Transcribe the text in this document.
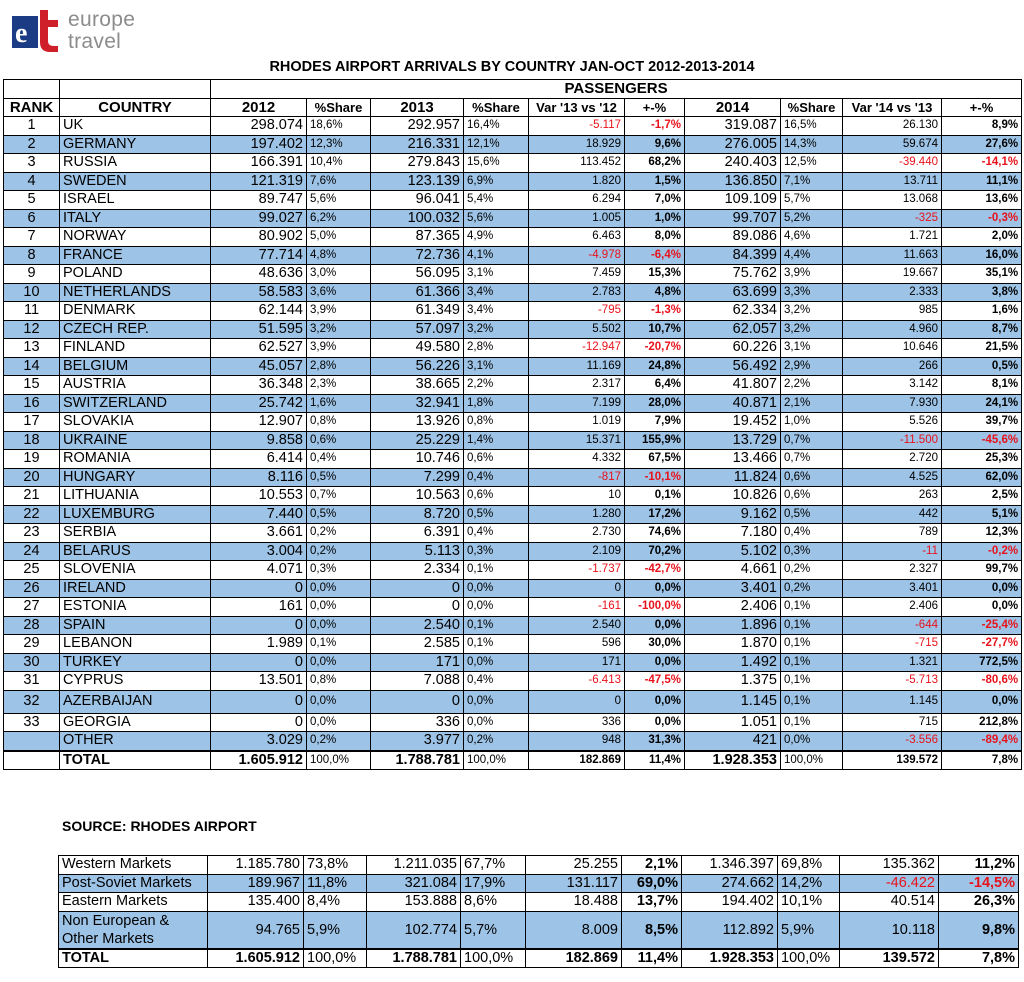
e europe
travel
RHODES AIRPORT ARRIVALS BY COUNTRY JAN-OCT 2012-2013-2014
		PASSENGERS									
RANK	COUNTRY	2012	%Share	2013	%Share	Var '13 vs '12	+-%	2014	%Share	Var '14 vs '13	+-%
1	UK	298.074	18,6%	292.957	16,4%	-5.117	-1,7%	319.087	16,5%	26.130	8,9%
2	GERMANY	197.402	12,3%	216.331	12,1%	18.929	9,6%	276.005	14,3%	59.674	27,6%
3	RUSSIA	166.391	10,4%	279.843	15,6%	113.452	68,2%	240.403	12,5%	-39.440	-14,1%
4	SWEDEN	121.319	7,6%	123.139	6,9%	1.820	1,5%	136.850	7,1%	13.711	11,1%
5	ISRAEL	89.747	5,6%	96.041	5,4%	6.294	7,0%	109.109	5,7%	13.068	13,6%
6	ITALY	99.027	6,2%	100.032	5,6%	1.005	1,0%	99.707	5,2%	-325	-0,3%
7	NORWAY	80.902	5,0%	87.365	4,9%	6.463	8,0%	89.086	4,6%	1.721	2,0%
8	FRANCE	77.714	4,8%	72.736	4,1%	-4.978	-6,4%	84.399	4,4%	11.663	16,0%
9	POLAND	48.636	3,0%	56.095	3,1%	7.459	15,3%	75.762	3,9%	19.667	35,1%
10	NETHERLANDS	58.583	3,6%	61.366	3,4%	2.783	4,8%	63.699	3,3%	2.333	3,8%
11	DENMARK	62.144	3,9%	61.349	3,4%	-795	-1,3%	62.334	3,2%	985	1,6%
12	CZECH REP.	51.595	3,2%	57.097	3,2%	5.502	10,7%	62.057	3,2%	4.960	8,7%
13	FINLAND	62.527	3,9%	49.580	2,8%	-12.947	-20,7%	60.226	3,1%	10.646	21,5%
14	BELGIUM	45.057	2,8%	56.226	3,1%	11.169	24,8%	56.492	2,9%	266	0,5%
15	AUSTRIA	36.348	2,3%	38.665	2,2%	2.317	6,4%	41.807	2,2%	3.142	8,1%
16	SWITZERLAND	25.742	1,6%	32.941	1,8%	7.199	28,0%	40.871	2,1%	7.930	24,1%
17	SLOVAKIA	12.907	0,8%	13.926	0,8%	1.019	7,9%	19.452	1,0%	5.526	39,7%
18	UKRAINE	9.858	0,6%	25.229	1,4%	15.371	155,9%	13.729	0,7%	-11.500	-45,6%
19	ROMANIA	6.414	0,4%	10.746	0,6%	4.332	67,5%	13.466	0,7%	2.720	25,3%
20	HUNGARY	8.116	0,5%	7.299	0,4%	-817	-10,1%	11.824	0,6%	4.525	62,0%
21	LITHUANIA	10.553	0,7%	10.563	0,6%	10	0,1%	10.826	0,6%	263	2,5%
22	LUXEMBURG	7.440	0,5%	8.720	0,5%	1.280	17,2%	9.162	0,5%	442	5,1%
23	SERBIA	3.661	0,2%	6.391	0,4%	2.730	74,6%	7.180	0,4%	789	12,3%
24	BELARUS	3.004	0,2%	5.113	0,3%	2.109	70,2%	5.102	0,3%	-11	-0,2%
25	SLOVENIA	4.071	0,3%	2.334	0,1%	-1.737	-42,7%	4.661	0,2%	2.327	99,7%
26	IRELAND	0	0,0%	0	0,0%	0	0,0%	3.401	0,2%	3.401	0,0%
27	ESTONIA	161	0,0%	0	0,0%	-161	-100,0%	2.406	0,1%	2.406	0,0%
28	SPAIN	0	0,0%	2.540	0,1%	2.540	0,0%	1.896	0,1%	-644	-25,4%
29	LEBANON	1.989	0,1%	2.585	0,1%	596	30,0%	1.870	0,1%	-715	-27,7%
30	TURKEY	0	0,0%	171	0,0%	171	0,0%	1.492	0,1%	1.321	772,5%
31	CYPRUS	13.501	0,8%	7.088	0,4%	-6.413	-47,5%	1.375	0,1%	-5.713	-80,6%
32	AZERBAIJAN	0	0,0%	0	0,0%	0	0,0%	1.145	0,1%	1.145	0,0%
33	GEORGIA	0	0,0%	336	0,0%	336	0,0%	1.051	0,1%	715	212,8%
	OTHER	3.029	0,2%	3.977	0,2%	948	31,3%	421	0,0%	-3.556	-89,4%
	TOTAL	1.605.912	100,0%	1.788.781	100,0%	182.869	11,4%	1.928.353	100,0%	139.572	7,8%
SOURCE: RHODES AIRPORT
Western Markets	1.185.780	73,8%	1.211.035	67,7%	25.255	2,1%	1.346.397	69,8%	135.362	11,2%
Post-Soviet Markets	189.967	11,8%	321.084	17,9%	131.117	69,0%	274.662	14,2%	-46.422	-14,5%
Eastern Markets	135.400	8,4%	153.888	8,6%	18.488	13,7%	194.402	10,1%	40.514	26,3%

Non European &
Other Markets	94.765	5,9%	102.774	5,7%	8.009	8,5%	112.892	5,9%	10.118	9,8%
TOTAL	1.605.912	100,0%	1.788.781	100,0%	182.869	11,4%	1.928.353	100,0%	139.572	7,8%
